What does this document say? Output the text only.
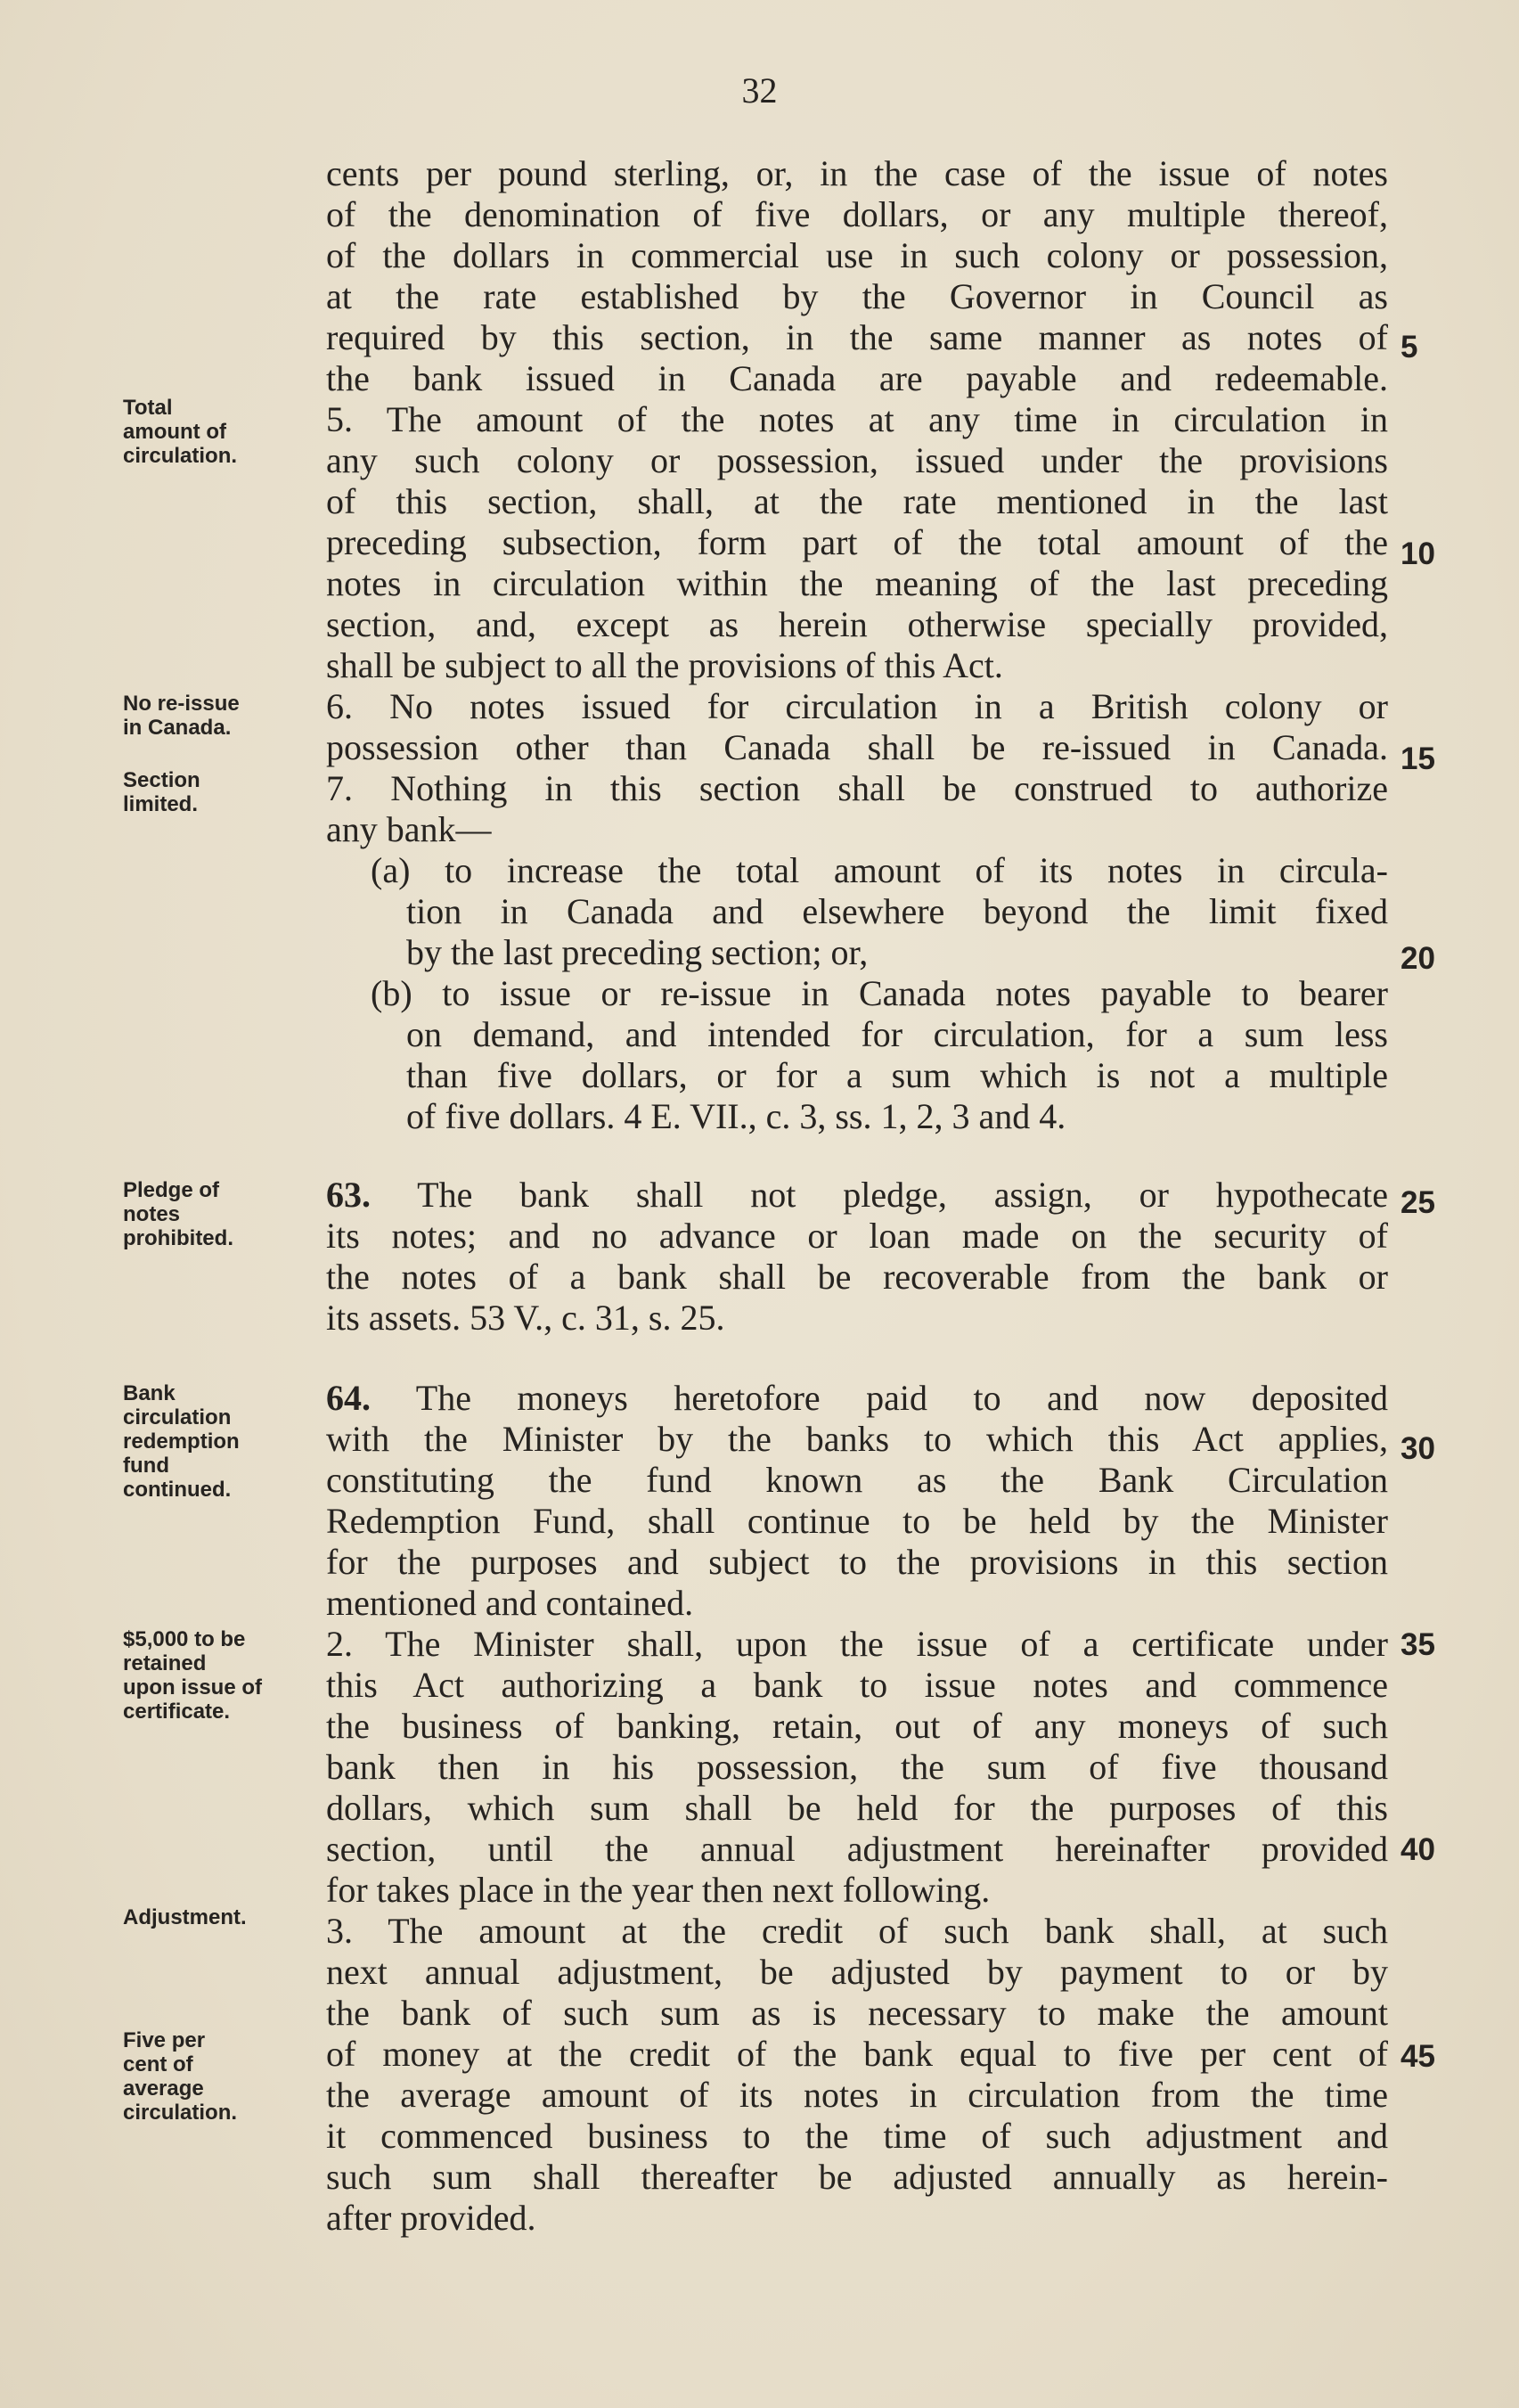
32
cents per pound sterling, or, in the case of the issue of notes
of the denomination of five dollars, or any multiple thereof,
of the dollars in commercial use in such colony or possession,
at the rate established by the Governor in Council as
required by this section, in the same manner as notes of
the bank issued in Canada are payable and redeemable.
5. The amount of the notes at any time in circulation in
any such colony or possession, issued under the provisions
of this section, shall, at the rate mentioned in the last
preceding subsection, form part of the total amount of the
notes in circulation within the meaning of the last preceding
section, and, except as herein otherwise specially provided,
shall be subject to all the provisions of this Act.
6. No notes issued for circulation in a British colony or
possession other than Canada shall be re-issued in Canada.
7. Nothing in this section shall be construed to authorize
any bank—
(a) to increase the total amount of its notes in circula-
tion in Canada and elsewhere beyond the limit fixed
by the last preceding section; or,
(b) to issue or re-issue in Canada notes payable to bearer
on demand, and intended for circulation, for a sum less
than five dollars, or for a sum which is not a multiple
of five dollars. 4 E. VII., c. 3, ss. 1, 2, 3 and 4.
63. The bank shall not pledge, assign, or hypothecate
its notes; and no advance or loan made on the security of
the notes of a bank shall be recoverable from the bank or
its assets. 53 V., c. 31, s. 25.
64. The moneys heretofore paid to and now deposited
with the Minister by the banks to which this Act applies,
constituting the fund known as the Bank Circulation
Redemption Fund, shall continue to be held by the Minister
for the purposes and subject to the provisions in this section
mentioned and contained.
2. The Minister shall, upon the issue of a certificate under
this Act authorizing a bank to issue notes and commence
the business of banking, retain, out of any moneys of such
bank then in his possession, the sum of five thousand
dollars, which sum shall be held for the purposes of this
section, until the annual adjustment hereinafter provided
for takes place in the year then next following.
3. The amount at the credit of such bank shall, at such
next annual adjustment, be adjusted by payment to or by
the bank of such sum as is necessary to make the amount
of money at the credit of the bank equal to five per cent of
the average amount of its notes in circulation from the time
it commenced business to the time of such adjustment and
such sum shall thereafter be adjusted annually as herein-
after provided.
5
10
15
20
25
30
35
40
45
Total
amount of
circulation.
No re-issue
in Canada.
Section
limited.
Pledge of
notes
prohibited.
Bank
circulation
redemption
fund
continued.
$5,000 to be
retained
upon issue of
certificate.
Adjustment.
Five per
cent of
average
circulation.
